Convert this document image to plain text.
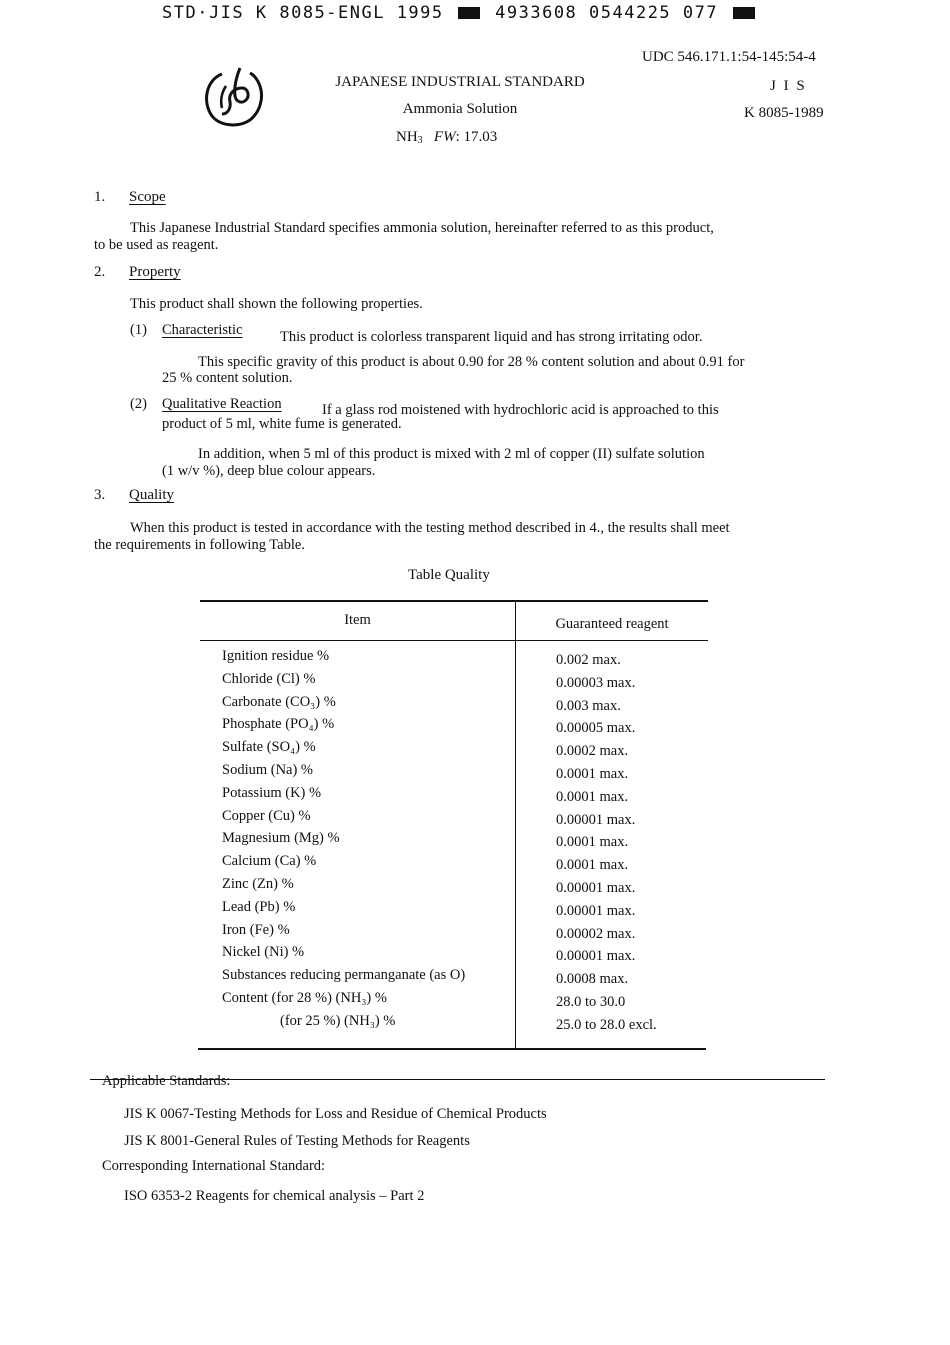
STD·JIS K 8085-ENGL 1995	4933608 0544225 077
UDC 546.171.1:54-145:54-4
JAPANESE INDUSTRIAL STANDARD	J I S
Ammonia Solution	K 8085-1989
$NH_3$ FW: 17.03
1. Scope
This Japanese Industrial Standard specifies ammonia solution, hereinafter referred to as this product,
to be used as reagent.
2. Property
This product shall shown the following properties.
(1) Characteristic	This product is colorless transparent liquid and has strong irritating odor.
This specific gravity of this product is about 0.90 for 28 % content solution and about 0.91 for
25 % content solution.
(2) Qualitative Reaction	If a glass rod moistened with hydrochloric acid is approached to this
product of 5 ml, white fume is generated.
In addition, when 5 ml of this product is mixed with 2 ml of copper (II) sulfate solution
(1 w/v %), deep blue colour appears.
3. Quality
When this product is tested in accordance with the testing method described in 4., the results shall meet
the requirements in following Table.
Table Quality
Item	Guaranteed reagent
Ignition residue %	0.002 max.
Chloride (Cl) %	0.00003 max.
Carbonate (CO₃) %	0.003 max.
Phosphate (PO₄) %	0.00005 max.
Sulfate (SO₄) %	0.0002 max.
Sodium (Na) %	0.0001 max.
Potassium (K) %	0.0001 max.
Copper (Cu) %	0.00001 max.
Magnesium (Mg) %	0.0001 max.
Calcium (Ca) %	0.0001 max.
Zinc (Zn) %	0.00001 max.
Lead (Pb) %	0.00001 max.
Iron (Fe) %	0.00002 max.
Nickel (Ni) %	0.00001 max.
Substances reducing permanganate (as O)	0.0008 max.
Content (for 28 %) (NH₃) %	28.0 to 30.0
(for 25 %) (NH₃) %	25.0 to 28.0 excl.
Applicable Standards:
JIS K 0067-Testing Methods for Loss and Residue of Chemical Products
JIS K 8001-General Rules of Testing Methods for Reagents
Corresponding International Standard:
ISO 6353-2 Reagents for chemical analysis – Part 2
